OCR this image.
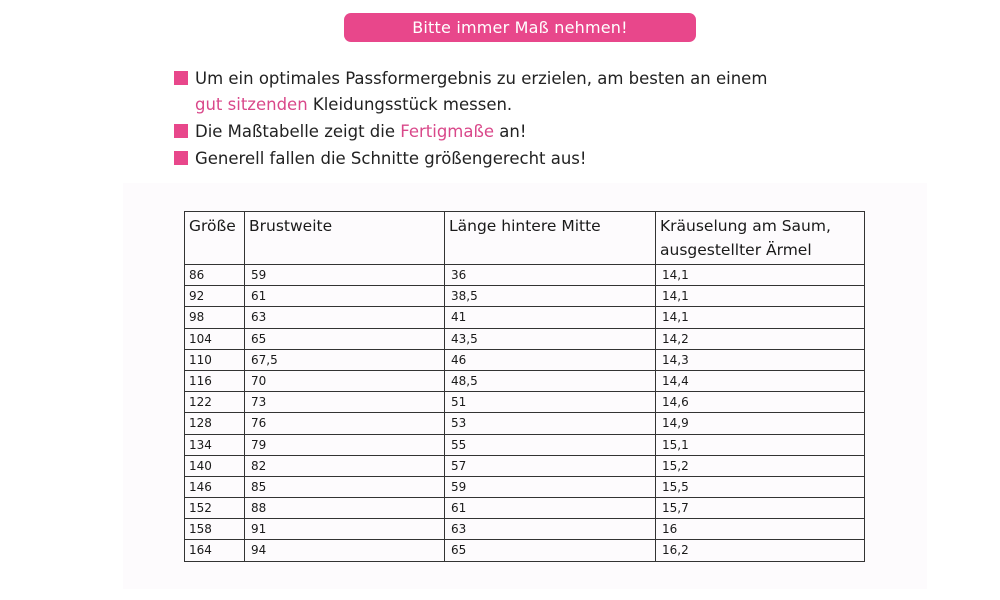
Bitte immer Maß nehmen!
Um ein optimales Passformergebnis zu erzielen, am besten an einem
gut sitzenden Kleidungsstück messen.
Die Maßtabelle zeigt die Fertigmaße an!
Generell fallen die Schnitte größengerecht aus!
Größe	Brustweite	Länge hintere Mitte	Kräuselung am Saum, ausgestellter Ärmel
86	59	36	14,1
92	61	38,5	14,1
98	63	41	14,1
104	65	43,5	14,2
110	67,5	46	14,3
116	70	48,5	14,4
122	73	51	14,6
128	76	53	14,9
134	79	55	15,1
140	82	57	15,2
146	85	59	15,5
152	88	61	15,7
158	91	63	16
164	94	65	16,2
